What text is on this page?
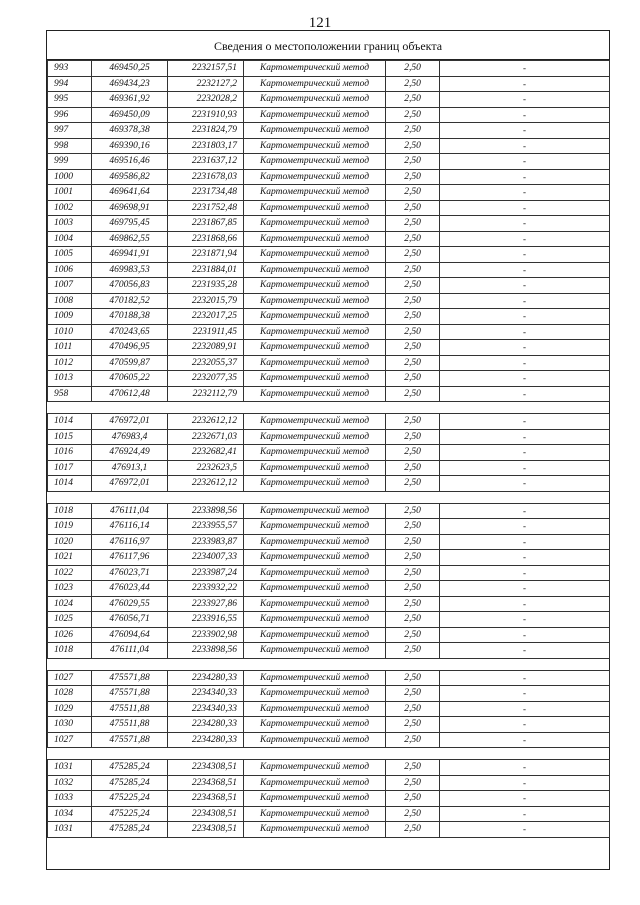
121
Сведения о местоположении границ объекта
993	469450,25	2232157,51	Картометрический метод	2,50	-
994	469434,23	2232127,2	Картометрический метод	2,50	-
995	469361,92	2232028,2	Картометрический метод	2,50	-
996	469450,09	2231910,93	Картометрический метод	2,50	-
997	469378,38	2231824,79	Картометрический метод	2,50	-
998	469390,16	2231803,17	Картометрический метод	2,50	-
999	469516,46	2231637,12	Картометрический метод	2,50	-
1000	469586,82	2231678,03	Картометрический метод	2,50	-
1001	469641,64	2231734,48	Картометрический метод	2,50	-
1002	469698,91	2231752,48	Картометрический метод	2,50	-
1003	469795,45	2231867,85	Картометрический метод	2,50	-
1004	469862,55	2231868,66	Картометрический метод	2,50	-
1005	469941,91	2231871,94	Картометрический метод	2,50	-
1006	469983,53	2231884,01	Картометрический метод	2,50	-
1007	470056,83	2231935,28	Картометрический метод	2,50	-
1008	470182,52	2232015,79	Картометрический метод	2,50	-
1009	470188,38	2232017,25	Картометрический метод	2,50	-
1010	470243,65	2231911,45	Картометрический метод	2,50	-
1011	470496,95	2232089,91	Картометрический метод	2,50	-
1012	470599,87	2232055,37	Картометрический метод	2,50	-
1013	470605,22	2232077,35	Картометрический метод	2,50	-
958	470612,48	2232112,79	Картометрический метод	2,50	-

1014	476972,01	2232612,12	Картометрический метод	2,50	-
1015	476983,4	2232671,03	Картометрический метод	2,50	-
1016	476924,49	2232682,41	Картометрический метод	2,50	-
1017	476913,1	2232623,5	Картометрический метод	2,50	-
1014	476972,01	2232612,12	Картометрический метод	2,50	-

1018	476111,04	2233898,56	Картометрический метод	2,50	-
1019	476116,14	2233955,57	Картометрический метод	2,50	-
1020	476116,97	2233983,87	Картометрический метод	2,50	-
1021	476117,96	2234007,33	Картометрический метод	2,50	-
1022	476023,71	2233987,24	Картометрический метод	2,50	-
1023	476023,44	2233932,22	Картометрический метод	2,50	-
1024	476029,55	2233927,86	Картометрический метод	2,50	-
1025	476056,71	2233916,55	Картометрический метод	2,50	-
1026	476094,64	2233902,98	Картометрический метод	2,50	-
1018	476111,04	2233898,56	Картометрический метод	2,50	-

1027	475571,88	2234280,33	Картометрический метод	2,50	-
1028	475571,88	2234340,33	Картометрический метод	2,50	-
1029	475511,88	2234340,33	Картометрический метод	2,50	-
1030	475511,88	2234280,33	Картометрический метод	2,50	-
1027	475571,88	2234280,33	Картометрический метод	2,50	-

1031	475285,24	2234308,51	Картометрический метод	2,50	-
1032	475285,24	2234368,51	Картометрический метод	2,50	-
1033	475225,24	2234368,51	Картометрический метод	2,50	-
1034	475225,24	2234308,51	Картометрический метод	2,50	-
1031	475285,24	2234308,51	Картометрический метод	2,50	-
